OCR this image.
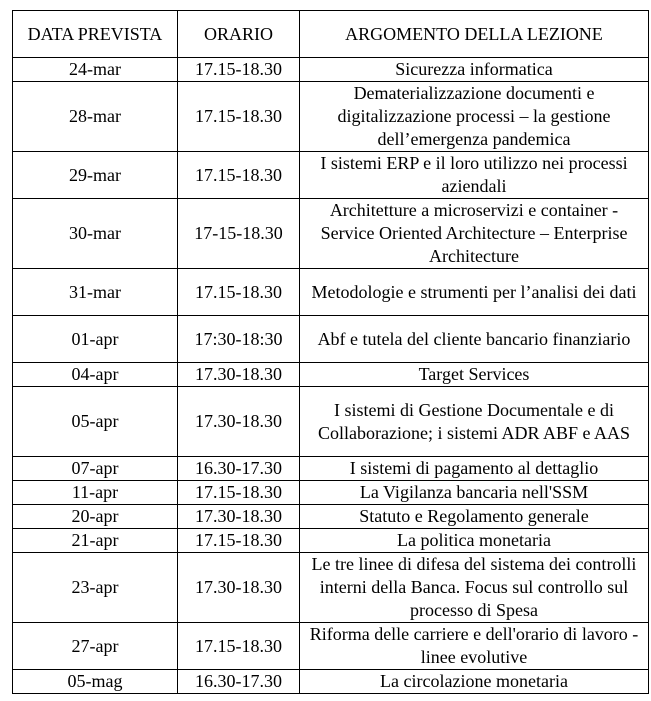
DATA PREVISTA	ORARIO	ARGOMENTO DELLA LEZIONE
24-mar	17.15-18.30	Sicurezza informatica
28-mar	17.15-18.30	Dematerializzazione documenti e digitalizzazione processi – la gestione dell’emergenza pandemica
29-mar	17.15-18.30	I sistemi ERP e il loro utilizzo nei processi aziendali
30-mar	17-15-18.30	Architetture a microservizi e container - Service Oriented Architecture – Enterprise Architecture
31-mar	17.15-18.30	Metodologie e strumenti per l’analisi dei dati
01-apr	17:30-18:30	Abf e tutela del cliente bancario finanziario
04-apr	17.30-18.30	Target Services
05-apr	17.30-18.30	I sistemi di Gestione Documentale e di Collaborazione; i sistemi ADR ABF e AAS
07-apr	16.30-17.30	I sistemi di pagamento al dettaglio
11-apr	17.15-18.30	La Vigilanza bancaria nell'SSM
20-apr	17.30-18.30	Statuto e Regolamento generale
21-apr	17.15-18.30	La politica monetaria
23-apr	17.30-18.30	Le tre linee di difesa del sistema dei controlli interni della Banca. Focus sul controllo sul processo di Spesa
27-apr	17.15-18.30	Riforma delle carriere e dell'orario di lavoro - linee evolutive
05-mag	16.30-17.30	La circolazione monetaria
